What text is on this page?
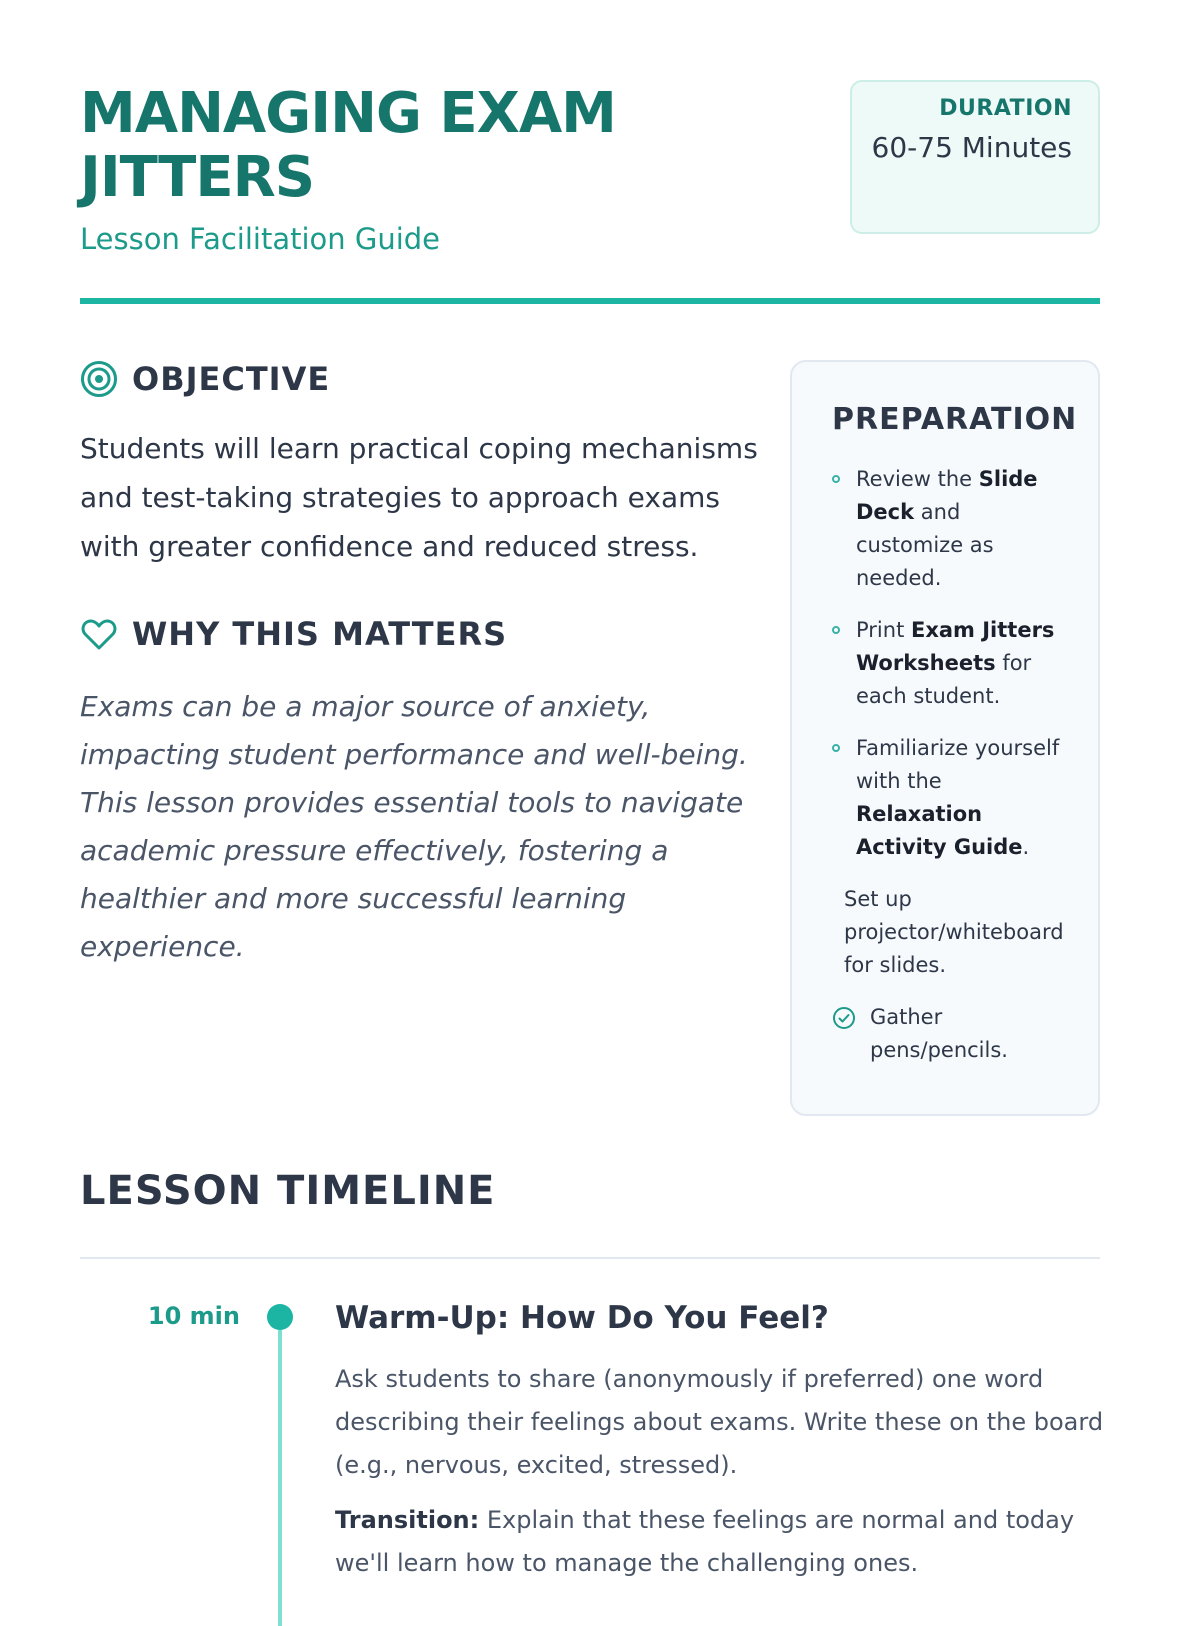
MANAGING EXAM JITTERS
Lesson Facilitation Guide
DURATION
60-75 Minutes
OBJECTIVE

Students will learn practical coping mechanisms and test-taking strategies to approach exams with greater confidence and reduced stress.

WHY THIS MATTERS

Exams can be a major source of anxiety, impacting student performance and well-being. This lesson provides essential tools to navigate academic pressure effectively, fostering a healthier and more successful learning experience.

PREPARATION
Review the Slide Deck and customize as needed.
Print Exam Jitters Worksheets for each student.
Familiarize yourself with the Relaxation Activity Guide.
Set up projector/whiteboard for slides.
Gather pens/pencils.
LESSON TIMELINE
10 min	Warm-Up: How Do You Feel?

Ask students to share (anonymously if preferred) one word describing their feelings about exams. Write these on the board (e.g., nervous, excited, stressed).

Transition: Explain that these feelings are normal and today we'll learn how to manage the challenging ones.
